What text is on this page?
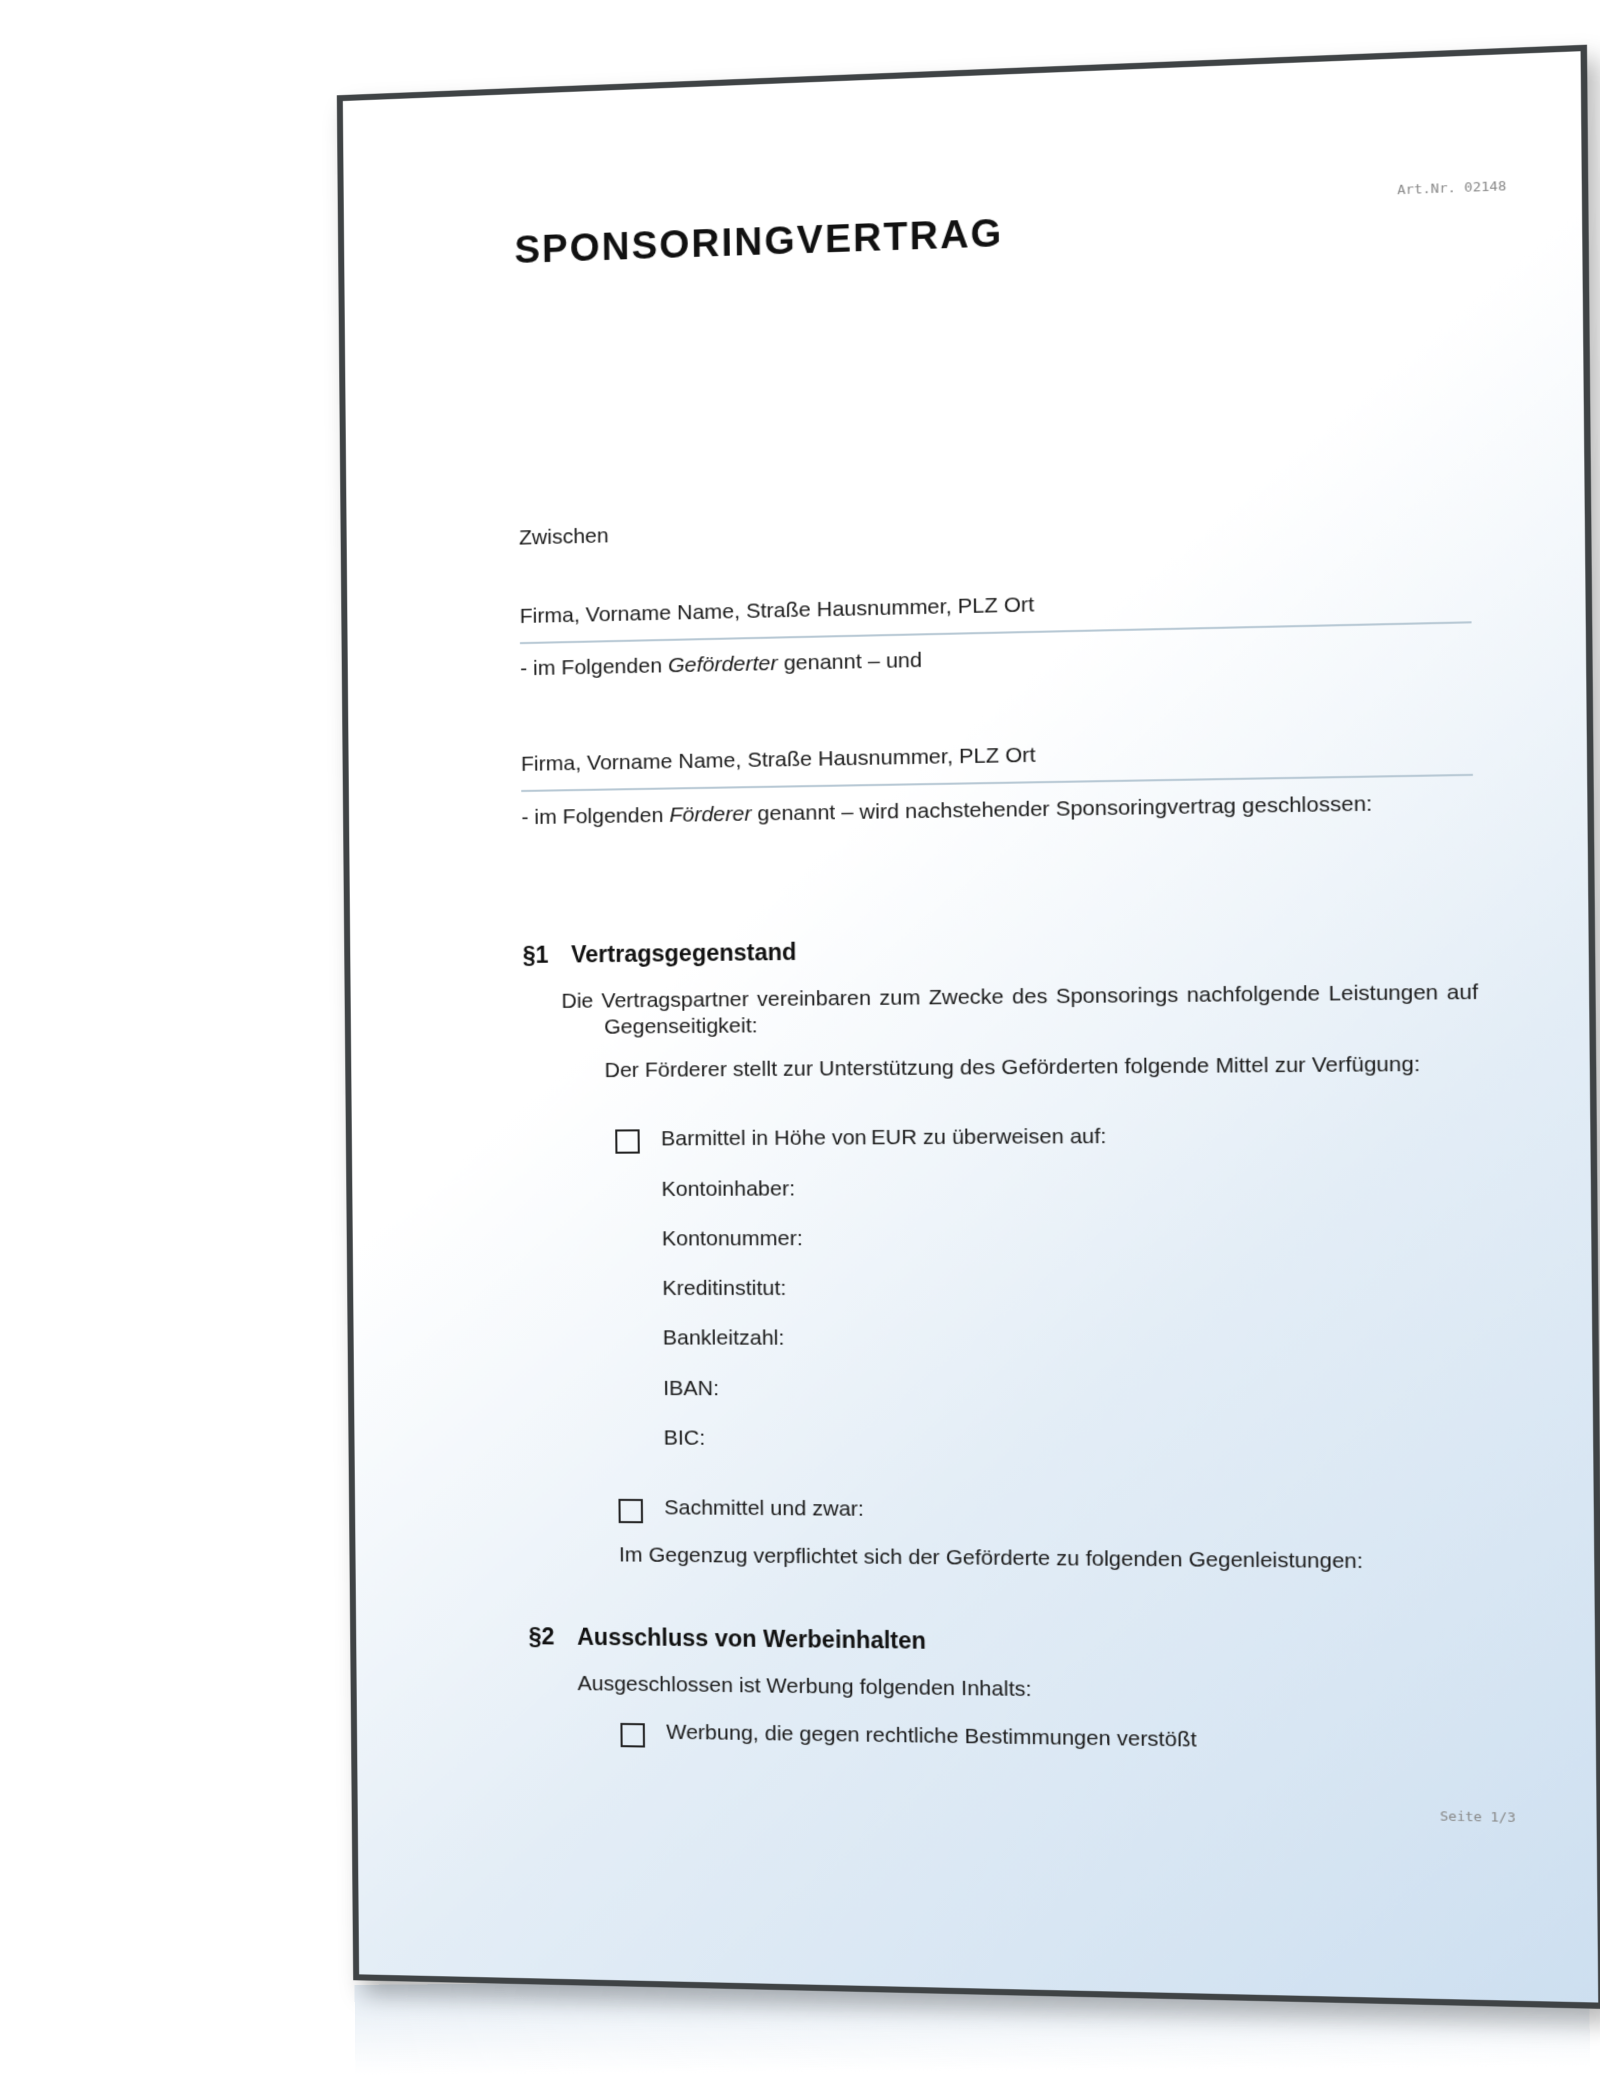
Art.Nr. 02148
SPONSORINGVERTRAG
Zwischen
Firma, Vorname Name, Straße Hausnummer, PLZ Ort
- im Folgenden Geförderter genannt – und
Firma, Vorname Name, Straße Hausnummer, PLZ Ort
- im Folgenden Förderer genannt – wird nachstehender Sponsoringvertrag geschlossen:
§1 Vertragsgegenstand
Die Vertragspartner vereinbaren zum Zwecke des Sponsorings nachfolgende Leistungen auf
Gegenseitigkeit:
Der Förderer stellt zur Unterstützung des Geförderten folgende Mittel zur Verfügung:
Barmittel in Höhe von EUR zu überweisen auf:
Kontoinhaber:
Kontonummer:
Kreditinstitut:
Bankleitzahl:
IBAN:
BIC:
Sachmittel und zwar:
Im Gegenzug verpflichtet sich der Geförderte zu folgenden Gegenleistungen:
§2 Ausschluss von Werbeinhalten
Ausgeschlossen ist Werbung folgenden Inhalts:
Werbung, die gegen rechtliche Bestimmungen verstößt
Seite 1/3
